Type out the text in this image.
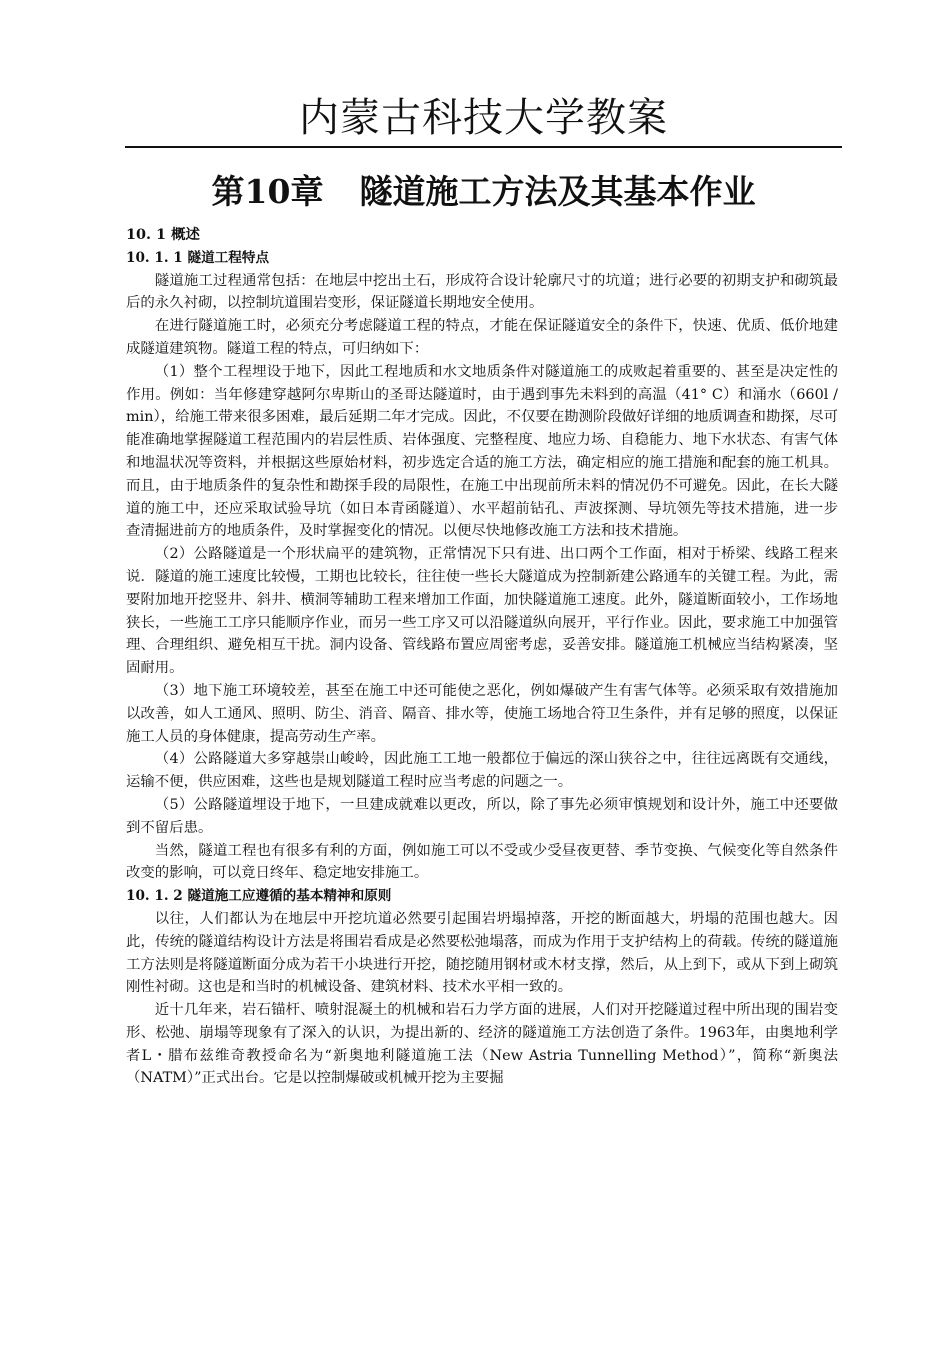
内蒙古科技大学教案
第10章 隧道施工方法及其基本作业
10. 1 概述
10. 1. 1 隧道工程特点

隧道施工过程通常包括：在地层中挖出土石，形成符合设计轮廓尺寸的坑道；进行必要的初期支护和砌筑最后的永久衬砌，以控制坑道围岩变形，保证隧道长期地安全使用。

在进行隧道施工时，必须充分考虑隧道工程的特点，才能在保证隧道安全的条件下，快速、优质、低价地建成隧道建筑物。隧道工程的特点，可归纳如下：

（1）整个工程埋设于地下，因此工程地质和水文地质条件对隧道施工的成败起着重要的、甚至是决定性的作用。例如：当年修建穿越阿尔卑斯山的圣哥达隧道时，由于遇到事先未料到的高温（41° C）和涌水（660l / min），给施工带来很多困难，最后延期二年才完成。因此，不仅要在勘测阶段做好详细的地质调查和勘探，尽可能准确地掌握隧道工程范围内的岩层性质、岩体强度、完整程度、地应力场、自稳能力、地下水状态、有害气体和地温状况等资料，并根据这些原始材料，初步选定合适的施工方法，确定相应的施工措施和配套的施工机具。而且，由于地质条件的复杂性和勘探手段的局限性，在施工中出现前所未料的情况仍不可避免。因此，在长大隧道的施工中，还应采取试验导坑（如日本青函隧道）、水平超前钻孔、声波探测、导坑领先等技术措施，进一步查清掘进前方的地质条件，及时掌握变化的情况。以便尽快地修改施工方法和技术措施。

（2）公路隧道是一个形状扁平的建筑物，正常情况下只有进、出口两个工作面，相对于桥梁、线路工程来说．隧道的施工速度比较慢，工期也比较长，往往使一些长大隧道成为控制新建公路通车的关键工程。为此，需要附加地开挖竖井、斜井、横洞等辅助工程来增加工作面，加快隧道施工速度。此外，隧道断面较小，工作场地狭长，一些施工工序只能顺序作业，而另一些工序又可以沿隧道纵向展开，平行作业。因此，要求施工中加强管理、合理组织、避免相互干扰。洞内设备、管线路布置应周密考虑，妥善安排。隧道施工机械应当结构紧凑，坚固耐用。

（3）地下施工环境较差，甚至在施工中还可能使之恶化，例如爆破产生有害气体等。必须采取有效措施加以改善，如人工通风、照明、防尘、消音、隔音、排水等，使施工场地合符卫生条件，并有足够的照度，以保证施工人员的身体健康，提高劳动生产率。

（4）公路隧道大多穿越崇山峻岭，因此施工工地一般都位于偏远的深山狭谷之中，往往远离既有交通线，运输不便，供应困难，这些也是规划隧道工程时应当考虑的问题之一。

（5）公路隧道埋设于地下，一旦建成就难以更改，所以，除了事先必须审慎规划和设计外，施工中还要做到不留后患。

当然，隧道工程也有很多有利的方面，例如施工可以不受或少受昼夜更替、季节变换、气候变化等自然条件改变的影响，可以竟日终年、稳定地安排施工。

10. 1. 2 隧道施工应遵循的基本精神和原则

以往，人们都认为在地层中开挖坑道必然要引起围岩坍塌掉落，开挖的断面越大，坍塌的范围也越大。因此，传统的隧道结构设计方法是将围岩看成是必然要松弛塌落，而成为作用于支护结构上的荷载。传统的隧道施工方法则是将隧道断面分成为若干小块进行开挖，随挖随用钢材或木材支撑，然后，从上到下，或从下到上砌筑刚性衬砌。这也是和当时的机械设备、建筑材料、技术水平相一致的。

近十几年来，岩石锚杆、喷射混凝土的机械和岩石力学方面的进展，人们对开挖隧道过程中所出现的围岩变形、松弛、崩塌等现象有了深入的认识，为提出新的、经济的隧道施工方法创造了条件。1963年，由奥地利学者L・腊布兹维奇教授命名为“新奥地利隧道施工法（New Astria Tunnelling Method）”，简称“新奥法（NATM）”正式出台。它是以控制爆破或机械开挖为主要掘
